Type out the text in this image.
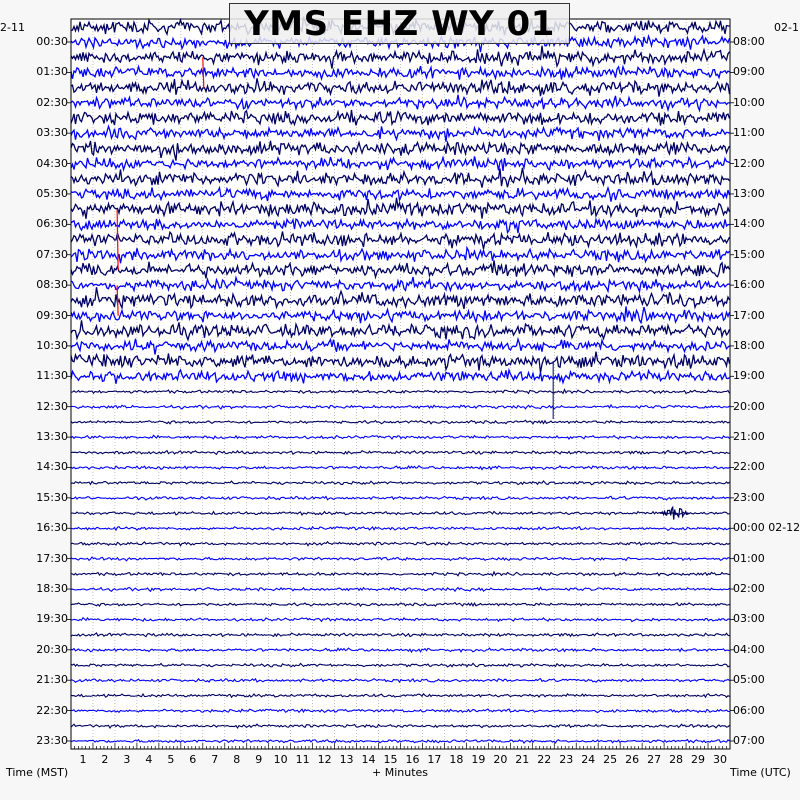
YMS EHZ WY 01
2-11	02-1
Time (MST)	+ Minutes	Time (UTC)
00:30
01:30
02:30
03:30
04:30
05:30
06:30
07:30
08:30
09:30
10:30
11:30
12:30
13:30
14:30
15:30
16:30
17:30
18:30
19:30
20:30
21:30
22:30
23:30
08:00
09:00
10:00
11:00
12:00
13:00
14:00
15:00
16:00
17:00
18:00
19:00
20:00
21:00
22:00
23:00
00:00 02-12
01:00
02:00
03:00
04:00
05:00
06:00
07:00
1	2	3	4	5	6	7	8	9	10 11 12 13 14 15 16 17 18 19 20 21 22 23 24 25 26 27 28 29 30
